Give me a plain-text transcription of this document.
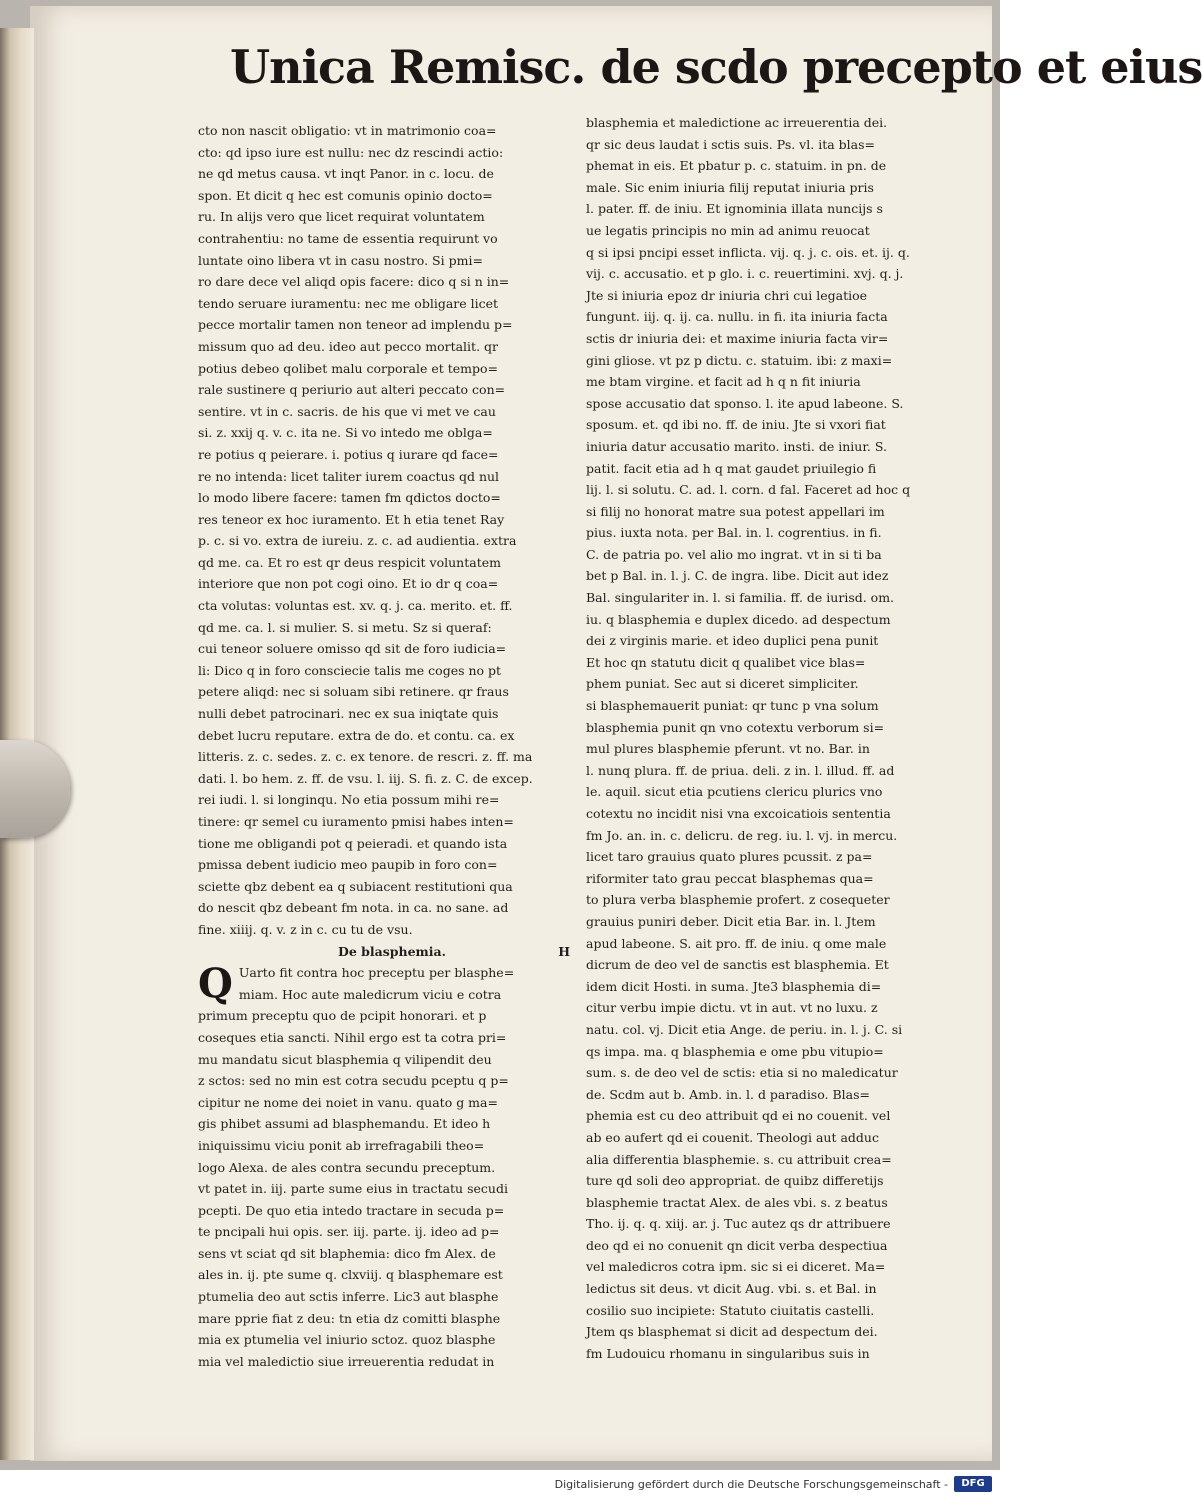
Unica Remisc. de scdo precepto et eius
cto non nascit obligatio: vt in matrimonio coa=
cto: qd ipso iure est nullu: nec dz rescindi actio:
ne qd metus causa. vt inqt Panor. in c. locu. de
spon. Et dicit q hec est comunis opinio docto=
ru. In alijs vero que licet requirat voluntatem
contrahentiu: no tame de essentia requirunt vo
luntate oino libera vt in casu nostro. Si pmi=
ro dare dece vel aliqd opis facere: dico q si n in=
tendo seruare iuramentu: nec me obligare licet
pecce mortalir tamen non teneor ad implendu p=
missum quo ad deu. ideo aut pecco mortalit. qr
potius debeo qolibet malu corporale et tempo=
rale sustinere q periurio aut alteri peccato con=
sentire. vt in c. sacris. de his que vi met ve cau
si. z. xxij q. v. c. ita ne. Si vo intedo me oblga=
re potius q peierare. i. potius q iurare qd face=
re no intenda: licet taliter iurem coactus qd nul
lo modo libere facere: tamen fm qdictos docto=
res teneor ex hoc iuramento. Et h etia tenet Ray
p. c. si vo. extra de iureiu. z. c. ad audientia. extra
qd me. ca. Et ro est qr deus respicit voluntatem
interiore que non pot cogi oino. Et io dr q coa=
cta volutas: voluntas est. xv. q. j. ca. merito. et. ff.
qd me. ca. l. si mulier. S. si metu. Sz si queraf:
cui teneor soluere omisso qd sit de foro iudicia=
li: Dico q in foro consciecie talis me coges no pt
petere aliqd: nec si soluam sibi retinere. qr fraus
nulli debet patrocinari. nec ex sua iniqtate quis
debet lucru reputare. extra de do. et contu. ca. ex
litteris. z. c. sedes. z. c. ex tenore. de rescri. z. ff. ma
dati. l. bo hem. z. ff. de vsu. l. iij. S. fi. z. C. de excep.
rei iudi. l. si longinqu. No etia possum mihi re=
tinere: qr semel cu iuramento pmisi habes inten=
tione me obligandi pot q peieradi. et quando ista
pmissa debent iudicio meo paupib in foro con=
sciette qbz debent ea q subiacent restitutioni qua
do nescit qbz debeant fm nota. in ca. no sane. ad
fine. xiiij. q. v. z in c. cu tu de vsu.
H
De blasphemia.
Q Uarto fit contra hoc preceptu per blasphe=
miam. Hoc aute maledicrum viciu e cotra
primum preceptu quo de pcipit honorari. et p
coseques etia sancti. Nihil ergo est ta cotra pri=
mu mandatu sicut blasphemia q vilipendit deu
z sctos: sed no min est cotra secudu pceptu q p=
cipitur ne nome dei noiet in vanu. quato g ma=
gis phibet assumi ad blasphemandu. Et ideo h
iniquissimu viciu ponit ab irrefragabili theo=
logo Alexa. de ales contra secundu preceptum.
vt patet in. iij. parte sume eius in tractatu secudi
pcepti. De quo etia intedo tractare in secuda p=
te pncipali hui opis. ser. iij. parte. ij. ideo ad p=
sens vt sciat qd sit blaphemia: dico fm Alex. de
ales in. ij. pte sume q. clxviij. q blasphemare est
ptumelia deo aut sctis inferre. Lic3 aut blasphe
mare pprie fiat z deu: tn etia dz comitti blasphe
mia ex ptumelia vel iniurio sctoz. quoz blasphe
mia vel maledictio siue irreuerentia redudat in
blasphemia et maledictione ac irreuerentia dei.
qr sic deus laudat i sctis suis. Ps. vl. ita blas=
phemat in eis. Et pbatur p. c. statuim. in pn. de
male. Sic enim iniuria filij reputat iniuria pris
l. pater. ff. de iniu. Et ignominia illata nuncijs s
ue legatis principis no min ad animu reuocat
q si ipsi pncipi esset inflicta. vij. q. j. c. ois. et. ij. q.
vij. c. accusatio. et p glo. i. c. reuertimini. xvj. q. j.
Jte si iniuria epoz dr iniuria chri cui legatioe
fungunt. iij. q. ij. ca. nullu. in fi. ita iniuria facta
sctis dr iniuria dei: et maxime iniuria facta vir=
gini gliose. vt pz p dictu. c. statuim. ibi: z maxi=
me btam virgine. et facit ad h q n fit iniuria
spose accusatio dat sponso. l. ite apud labeone. S.
sposum. et. qd ibi no. ff. de iniu. Jte si vxori fiat
iniuria datur accusatio marito. insti. de iniur. S.
patit. facit etia ad h q mat gaudet priuilegio fi
lij. l. si solutu. C. ad. l. corn. d fal. Faceret ad hoc q
si filij no honorat matre sua potest appellari im
pius. iuxta nota. per Bal. in. l. cogrentius. in fi.
C. de patria po. vel alio mo ingrat. vt in si ti ba
bet p Bal. in. l. j. C. de ingra. libe. Dicit aut idez
Bal. singulariter in. l. si familia. ff. de iurisd. om.
iu. q blasphemia e duplex dicedo. ad despectum
dei z virginis marie. et ideo duplici pena punit
Et hoc qn statutu dicit q qualibet vice blas=
phem puniat. Sec aut si diceret simpliciter.
si blasphemauerit puniat: qr tunc p vna solum
blasphemia punit qn vno cotextu verborum si=
mul plures blasphemie pferunt. vt no. Bar. in
l. nunq plura. ff. de priua. deli. z in. l. illud. ff. ad
le. aquil. sicut etia pcutiens clericu plurics vno
cotextu no incidit nisi vna excoicatiois sententia
fm Jo. an. in. c. delicru. de reg. iu. l. vj. in mercu.
licet taro grauius quato plures pcussit. z pa=
riformiter tato grau peccat blasphemas qua=
to plura verba blasphemie profert. z cosequeter
grauius puniri deber. Dicit etia Bar. in. l. Jtem
apud labeone. S. ait pro. ff. de iniu. q ome male
dicrum de deo vel de sanctis est blasphemia. Et
idem dicit Hosti. in suma. Jte3 blasphemia di=
citur verbu impie dictu. vt in aut. vt no luxu. z
natu. col. vj. Dicit etia Ange. de periu. in. l. j. C. si
qs impa. ma. q blasphemia e ome pbu vitupio=
sum. s. de deo vel de sctis: etia si no maledicatur
de. Scdm aut b. Amb. in. l. d paradiso. Blas=
phemia est cu deo attribuit qd ei no couenit. vel
ab eo aufert qd ei couenit. Theologi aut adduc
alia differentia blasphemie. s. cu attribuit crea=
ture qd soli deo appropriat. de quibz differetijs
blasphemie tractat Alex. de ales vbi. s. z beatus
Tho. ij. q. q. xiij. ar. j. Tuc autez qs dr attribuere
deo qd ei no conuenit qn dicit verba despectiua
vel maledicros cotra ipm. sic si ei diceret. Ma=
ledictus sit deus. vt dicit Aug. vbi. s. et Bal. in
cosilio suo incipiete: Statuto ciuitatis castelli.
Jtem qs blasphemat si dicit ad despectum dei.
fm Ludouicu rhomanu in singularibus suis in
Digitalisierung gefördert durch die Deutsche Forschungsgemeinschaft -	DFG
